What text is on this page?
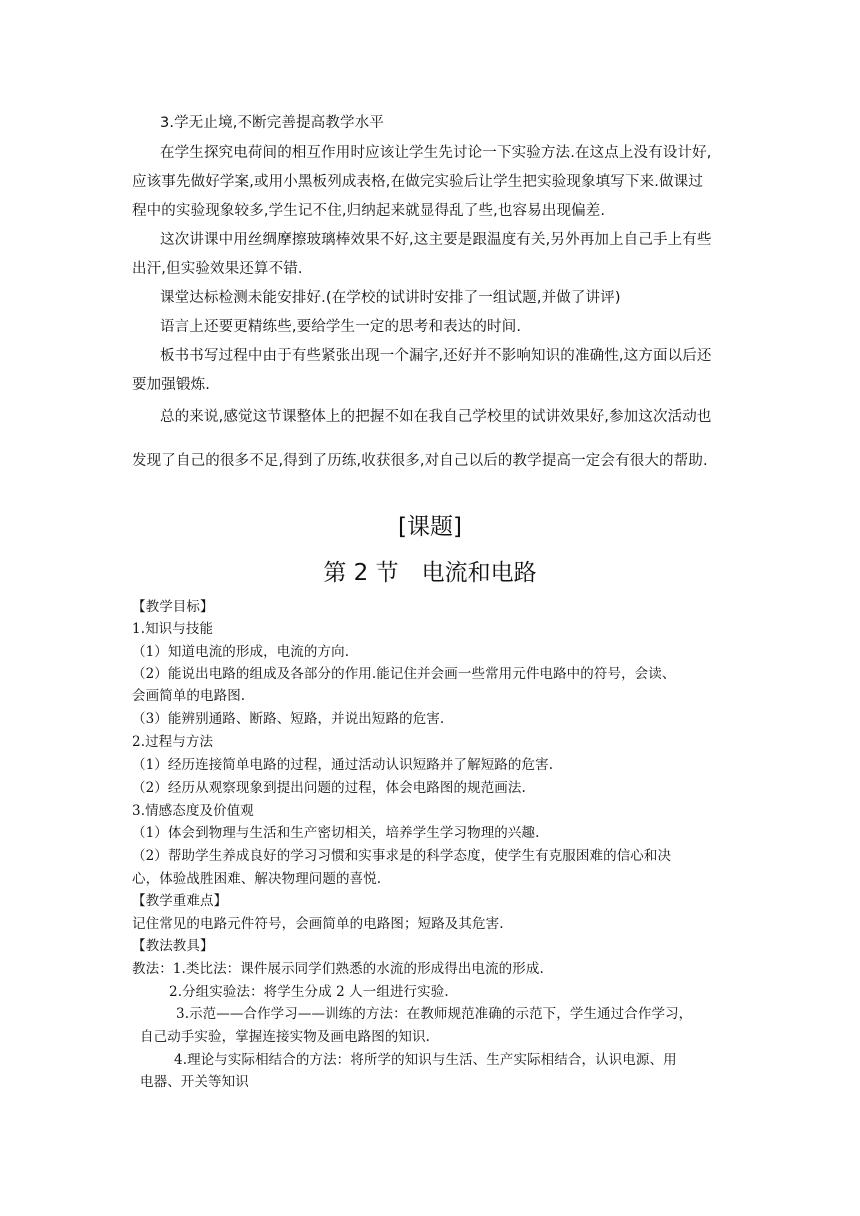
3.学无止境,不断完善提高教学水平
在学生探究电荷间的相互作用时应该让学生先讨论一下实验方法.在这点上没有设计好,
应该事先做好学案,或用小黑板列成表格,在做完实验后让学生把实验现象填写下来.做课过
程中的实验现象较多,学生记不住,归纳起来就显得乱了些,也容易出现偏差.
这次讲课中用丝绸摩擦玻璃棒效果不好,这主要是跟温度有关,另外再加上自己手上有些
出汗,但实验效果还算不错.
课堂达标检测未能安排好.(在学校的试讲时安排了一组试题,并做了讲评)
语言上还要更精练些,要给学生一定的思考和表达的时间.
板书书写过程中由于有些紧张出现一个漏字,还好并不影响知识的准确性,这方面以后还
要加强锻炼.
总的来说,感觉这节课整体上的把握不如在我自己学校里的试讲效果好,参加这次活动也
发现了自己的很多不足,得到了历练,收获很多,对自己以后的教学提高一定会有很大的帮助.
[课题]
第 2 节　电流和电路
【教学目标】
1.知识与技能
（1）知道电流的形成，电流的方向.
（2）能说出电路的组成及各部分的作用.能记住并会画一些常用元件电路中的符号，会读、
会画简单的电路图.
（3）能辨别通路、断路、短路，并说出短路的危害.
2.过程与方法
（1）经历连接简单电路的过程，通过活动认识短路并了解短路的危害.
（2）经历从观察现象到提出问题的过程，体会电路图的规范画法.
3.情感态度及价值观
（1）体会到物理与生活和生产密切相关，培养学生学习物理的兴趣.
（2）帮助学生养成良好的学习习惯和实事求是的科学态度，使学生有克服困难的信心和决
心，体验战胜困难、解决物理问题的喜悦.
【教学重难点】
记住常见的电路元件符号，会画简单的电路图；短路及其危害.
【教法教具】
教法：1.类比法：课件展示同学们熟悉的水流的形成得出电流的形成.
2.分组实验法：将学生分成 2 人一组进行实验.
3.示范——合作学习——训练的方法：在教师规范准确的示范下，学生通过合作学习，
自己动手实验，掌握连接实物及画电路图的知识.
4.理论与实际相结合的方法：将所学的知识与生活、生产实际相结合，认识电源、用
电器、开关等知识
